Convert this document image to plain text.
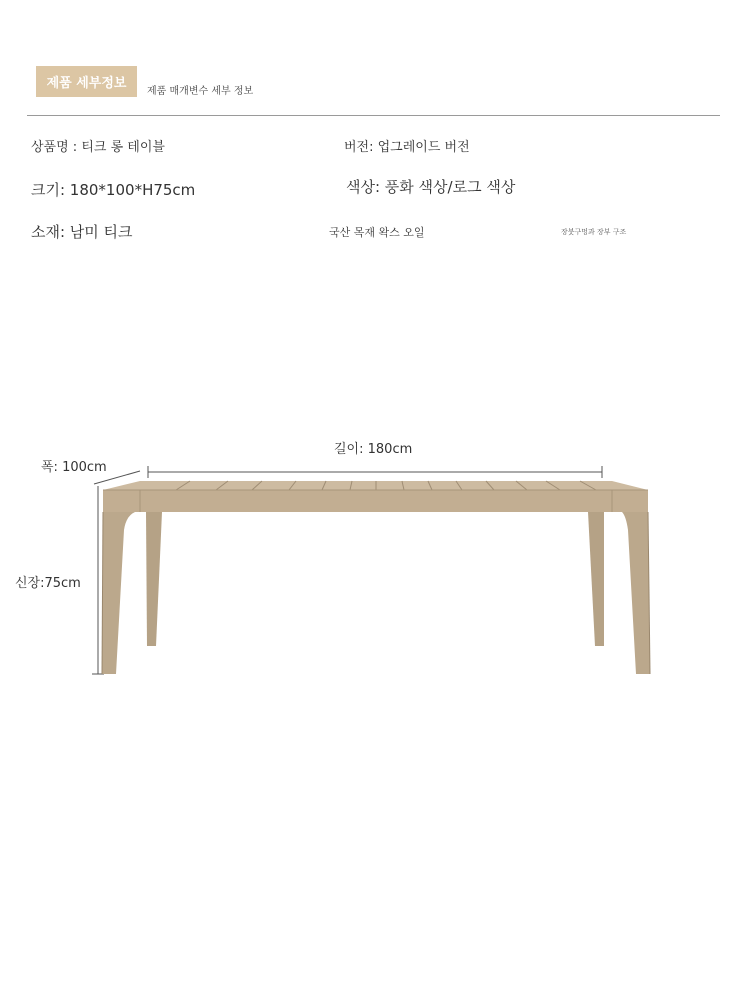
제품 세부정보
제품 매개변수 세부 정보
상품명 : 티크 롱 테이블	버전: 업그레이드 버전
크기: 180*100*H75cm	색상: 풍화 색상/로그 색상
소재: 남미 티크	국산 목재 왁스 오일	장붓구멍과 장부 구조
길이: 180cm
폭: 100cm
신장:75cm
